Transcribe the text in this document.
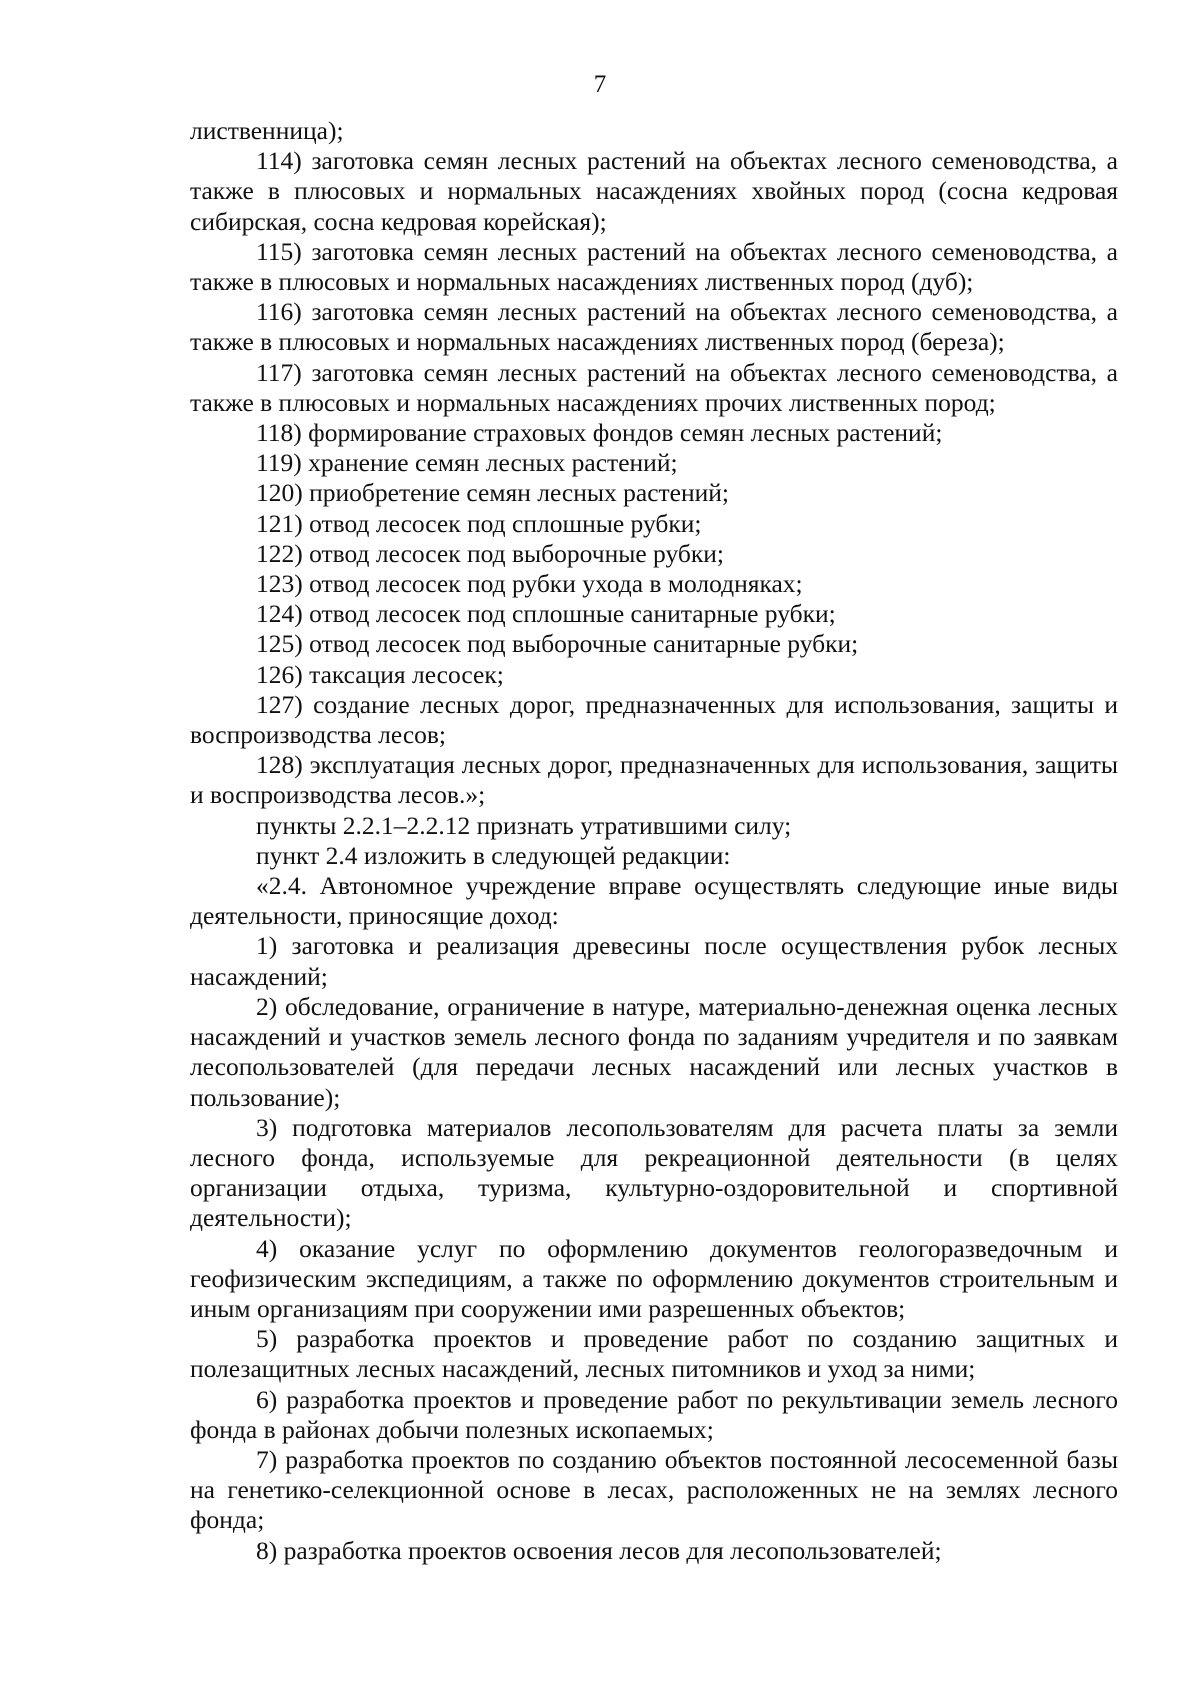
7

лиственница);

114) заготовка семян лесных растений на объектах лесного семеноводства, а также в плюсовых и нормальных насаждениях хвойных пород (сосна кедровая сибирская, сосна кедровая корейская);

115) заготовка семян лесных растений на объектах лесного семеноводства, а также в плюсовых и нормальных насаждениях лиственных пород (дуб);

116) заготовка семян лесных растений на объектах лесного семеноводства, а также в плюсовых и нормальных насаждениях лиственных пород (береза);

117) заготовка семян лесных растений на объектах лесного семеноводства, а также в плюсовых и нормальных насаждениях прочих лиственных пород;

118) формирование страховых фондов семян лесных растений;

119) хранение семян лесных растений;

120) приобретение семян лесных растений;

121) отвод лесосек под сплошные рубки;

122) отвод лесосек под выборочные рубки;

123) отвод лесосек под рубки ухода в молодняках;

124) отвод лесосек под сплошные санитарные рубки;

125) отвод лесосек под выборочные санитарные рубки;

126) таксация лесосек;

127) создание лесных дорог, предназначенных для использования, защиты и воспроизводства лесов;

128) эксплуатация лесных дорог, предназначенных для использования, защиты и воспроизводства лесов.»;

пункты 2.2.1–2.2.12 признать утратившими силу;

пункт 2.4 изложить в следующей редакции:

«2.4. Автономное учреждение вправе осуществлять следующие иные виды деятельности, приносящие доход:

1) заготовка и реализация древесины после осуществления рубок лесных насаждений;

2) обследование, ограничение в натуре, материально-денежная оценка лесных насаждений и участков земель лесного фонда по заданиям учредителя и по заявкам лесопользователей (для передачи лесных насаждений или лесных участков в пользование);

3) подготовка материалов лесопользователям для расчета платы за земли лесного фонда, используемые для рекреационной деятельности (в целях организации отдыха, туризма, культурно-оздоровительной и спортивной деятельности);

4) оказание услуг по оформлению документов геологоразведочным и геофизическим экспедициям, а также по оформлению документов строительным и иным организациям при сооружении ими разрешенных объектов;

5) разработка проектов и проведение работ по созданию защитных и полезащитных лесных насаждений, лесных питомников и уход за ними;

6) разработка проектов и проведение работ по рекультивации земель лесного фонда в районах добычи полезных ископаемых;

7) разработка проектов по созданию объектов постоянной лесосеменной базы на генетико-селекционной основе в лесах, расположенных не на землях лесного фонда;

8) разработка проектов освоения лесов для лесопользователей;
